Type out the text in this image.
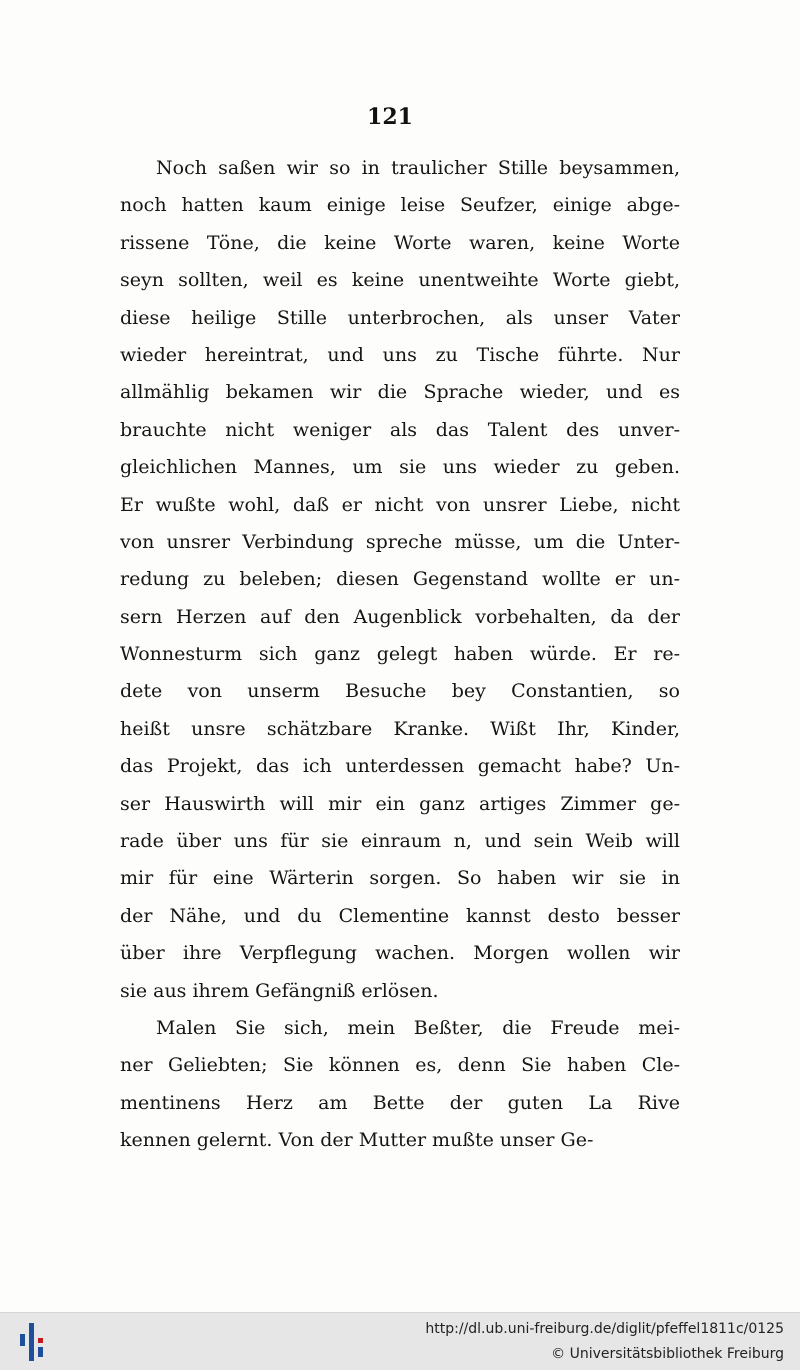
121
Noch saßen wir so in traulicher Stille beysammen,
noch hatten kaum einige leise Seufzer, einige abge-
rissene Töne, die keine Worte waren, keine Worte
seyn sollten, weil es keine unentweihte Worte giebt,
diese heilige Stille unterbrochen, als unser Vater
wieder hereintrat, und uns zu Tische führte. Nur
allmählig bekamen wir die Sprache wieder, und es
brauchte nicht weniger als das Talent des unver-
gleichlichen Mannes, um sie uns wieder zu geben.
Er wußte wohl, daß er nicht von unsrer Liebe, nicht
von unsrer Verbindung spreche müsse, um die Unter-
redung zu beleben; diesen Gegenstand wollte er un-
sern Herzen auf den Augenblick vorbehalten, da der
Wonnesturm sich ganz gelegt haben würde. Er re-
dete von unserm Besuche bey Constantien, so
heißt unsre schätzbare Kranke. Wißt Ihr, Kinder,
das Projekt, das ich unterdessen gemacht habe? Un-
ser Hauswirth will mir ein ganz artiges Zimmer ge-
rade über uns für sie einraum n, und sein Weib will
mir für eine Wärterin sorgen. So haben wir sie in
der Nähe, und du Clementine kannst desto besser
über ihre Verpflegung wachen. Morgen wollen wir
sie aus ihrem Gefängniß erlösen.
Malen Sie sich, mein Beßter, die Freude mei-
ner Geliebten; Sie können es, denn Sie haben Cle-
mentinens Herz am Bette der guten La Rive
kennen gelernt. Von der Mutter mußte unser Ge-
http://dl.ub.uni-freiburg.de/diglit/pfeffel1811c/0125
© Universitätsbibliothek Freiburg
